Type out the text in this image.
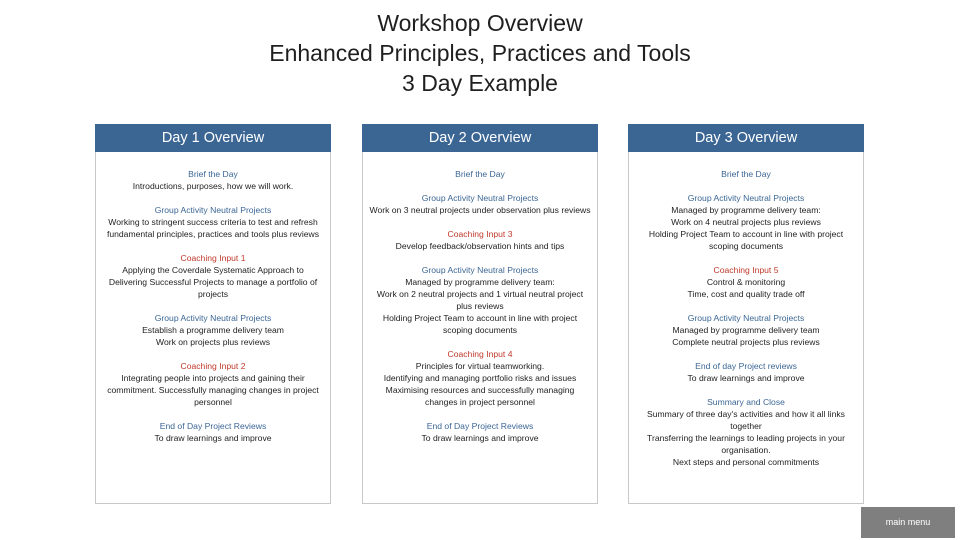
Workshop Overview
Enhanced Principles, Practices and Tools
3 Day Example
Day 1 Overview
Brief the Day
Introductions, purposes, how we will work.
Group Activity Neutral Projects
Working to stringent success criteria to test and refresh fundamental principles, practices and tools plus reviews
Coaching Input 1
Applying the Coverdale Systematic Approach to Delivering Successful Projects to manage a portfolio of projects
Group Activity Neutral Projects
Establish a programme delivery team
Work on projects plus reviews
Coaching Input 2
Integrating people into projects and gaining their commitment. Successfully managing changes in project personnel
End of Day Project Reviews
To draw learnings and improve
Day 2 Overview
Brief the Day
Group Activity Neutral Projects
Work on 3 neutral projects under observation plus reviews
Coaching Input 3
Develop feedback/observation hints and tips
Group Activity Neutral Projects
Managed by programme delivery team:
Work on 2 neutral projects and 1 virtual neutral project plus reviews
Holding Project Team to account in line with project scoping documents
Coaching Input 4
Principles for virtual teamworking.
Identifying and managing portfolio risks and issues
Maximising resources and successfully managing changes in project personnel
End of Day Project Reviews
To draw learnings and improve
Day 3 Overview
Brief the Day
Group Activity Neutral Projects
Managed by programme delivery team:
Work on 4 neutral projects plus reviews
Holding Project Team to account in line with project scoping documents
Coaching Input 5
Control & monitoring
Time, cost and quality trade off
Group Activity Neutral Projects
Managed by programme delivery team
Complete neutral projects plus reviews
End of day Project reviews
To draw learnings and improve
Summary and Close
Summary of three day's activities and how it all links together
Transferring the learnings to leading projects in your organisation.
Next steps and personal commitments
main menu
